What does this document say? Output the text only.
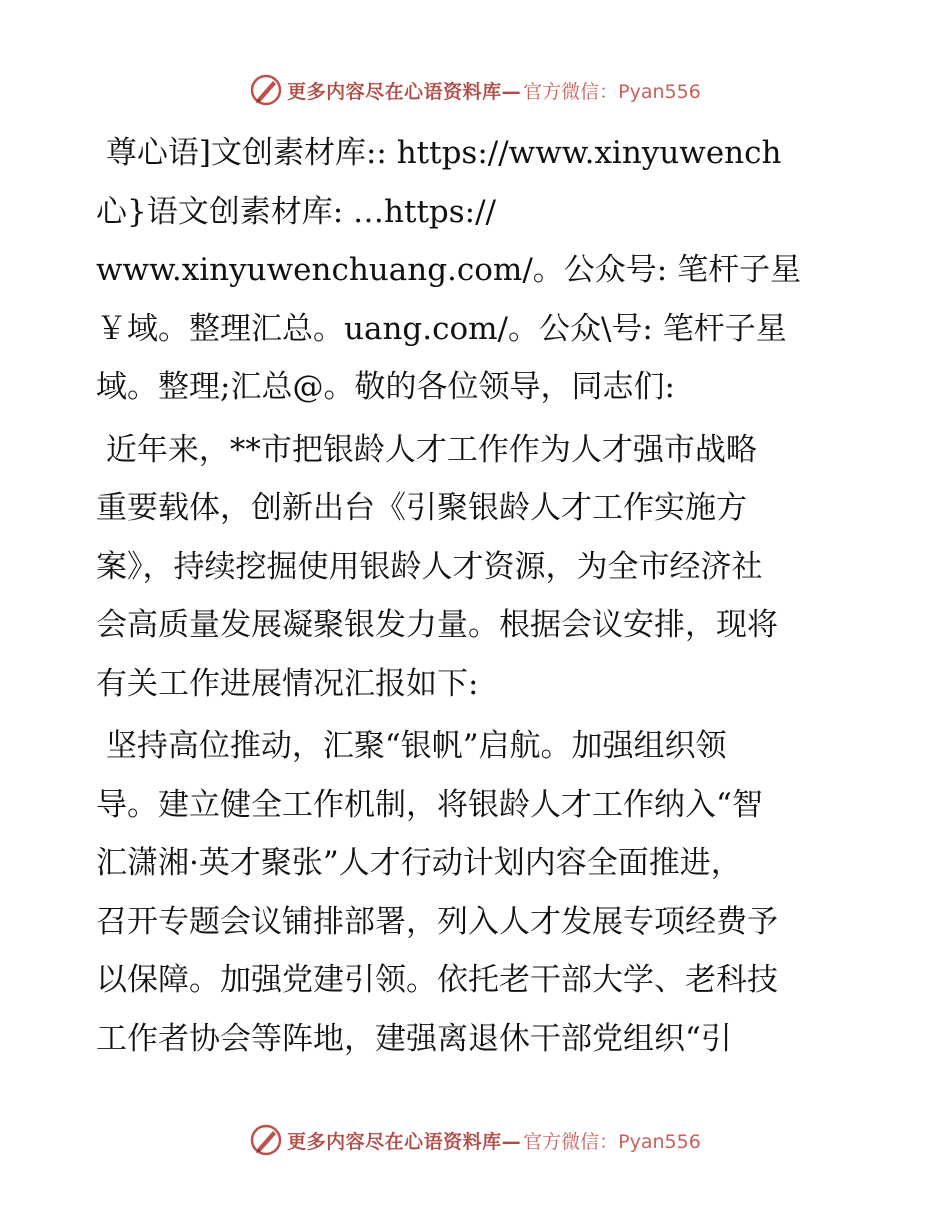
更多内容尽在心语资料库— 官方微信：Pyan556

尊心语]文创素材库:: https://www.xinyuwench
心}语文创素材库: …https://
www.xinyuwenchuang.com/。公众号: 笔杆子星
￥域。整理汇总。uang.com/。公众\号: 笔杆子星
域。整理;汇总@。敬的各位领导，同志们:

近年来，**市把银龄人才工作作为人才强市战略
重要载体，创新出台《引聚银龄人才工作实施方
案》，持续挖掘使用银龄人才资源，为全市经济社
会高质量发展凝聚银发力量。根据会议安排，现将
有关工作进展情况汇报如下:

坚持高位推动，汇聚“银帆”启航。加强组织领
导。建立健全工作机制，将银龄人才工作纳入“智
汇潇湘·英才聚张”人才行动计划内容全面推进，
召开专题会议铺排部署，列入人才发展专项经费予
以保障。加强党建引领。依托老干部大学、老科技
工作者协会等阵地，建强离退休干部党组织“引

更多内容尽在心语资料库— 官方微信：Pyan556
